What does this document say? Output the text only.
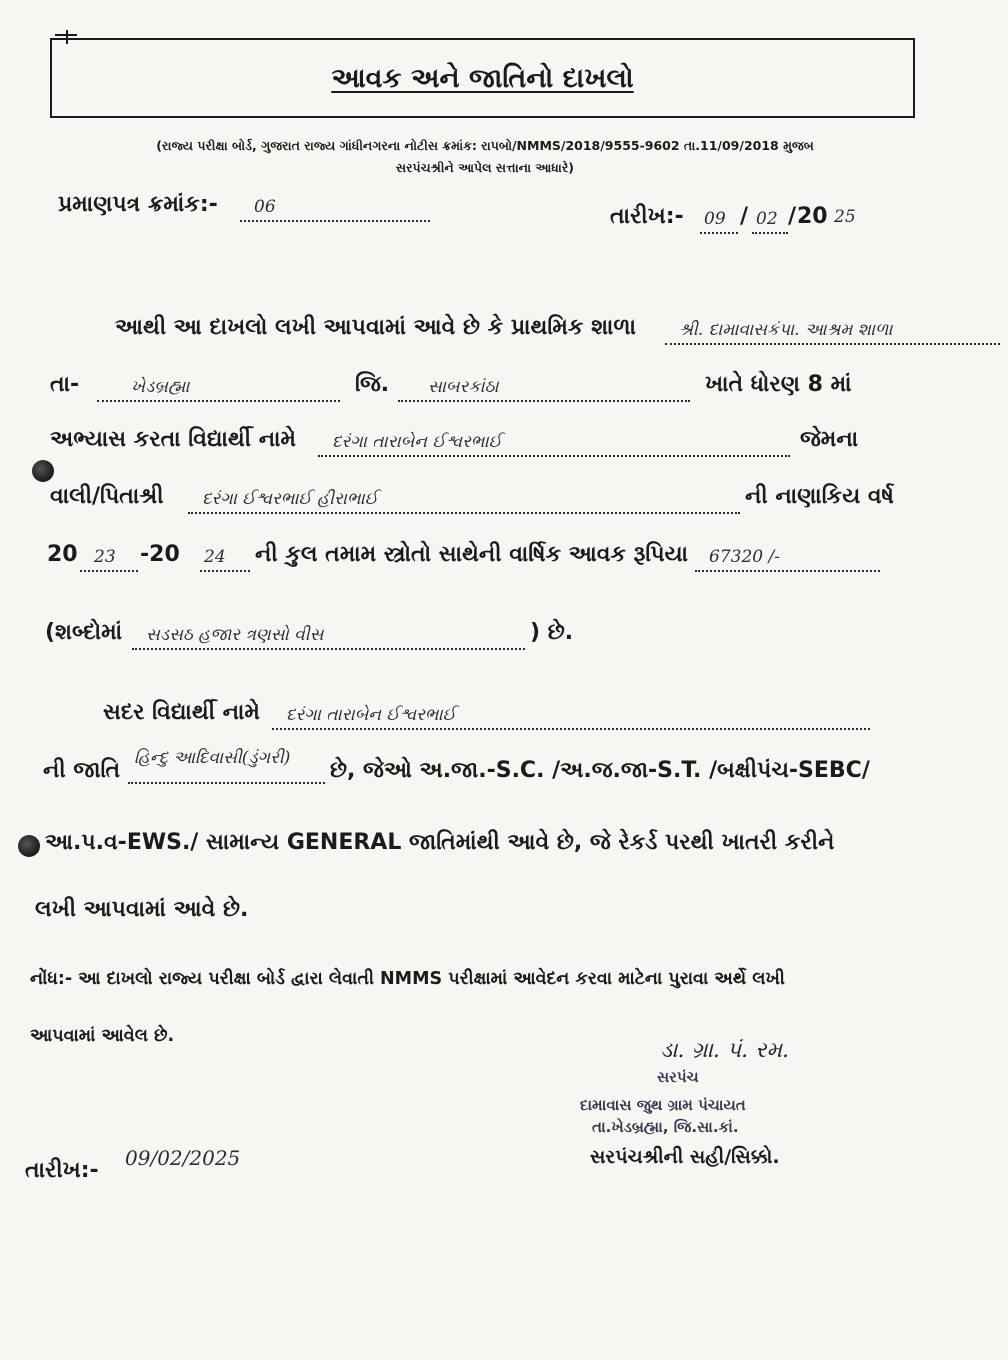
આવક અને જાતિનો દાખલો
(રાજ્ય પરીક્ષા બોર્ડ, ગુજરાત રાજ્ય ગાંધીનગરના નોટીસ ક્રમાંક: રાપબો/NMMS/2018/9555-9602 તા.11/09/2018 મુજબ
સરપંચશ્રીને આપેલ સત્તાના આધારે)
પ્રમાણપત્ર ક્રમાંક:-	06	તારીખ:- 09 / 02 / 20 25
આથી આ દાખલો લખી આપવામાં આવે છે કે પ્રાથમિક શાળા	શ્રી. દામાવાસકંપા. આશ્રમ શાળા
તા-	ખેડબ્રહ્મા	જિ.	સાબરકાંઠા	ખાતે ધોરણ 8 માં
અભ્યાસ કરતા વિદ્યાર્થી નામે	દરંગા તારાબેન ઈશ્વરભાઈ	જેમના
વાલી/પિતાશ્રી	દરંગા ઈશ્વરભાઈ હીરાભાઈ	ની નાણાકિય વર્ષ
20 23	-20 24	ની કુલ તમામ સ્ત્રોતો સાથેની વાર્ષિક આવક રૂપિયા	67320 /-
(શબ્દોમાં	સડસઠ હજાર ત્રણસો વીસ	) છે.
સદર વિદ્યાર્થી નામે	દરંગા તારાબેન ઈશ્વરભાઈ
ની જાતિ હિન્દુ આદિવાસી(ડુંગરી)	છે, જેઓ અ.જા.-S.C. /અ.જ.જા-S.T. /બક્ષીપંચ-SEBC/
આ.પ.વ-EWS./ સામાન્ય GENERAL જાતિમાંથી આવે છે, જે રેકર્ડ પરથી ખાતરી કરીને
લખી આપવામાં આવે છે.
નોંધ:- આ દાખલો રાજ્ય પરીક્ષા બોર્ડ દ્વારા લેવાતી NMMS પરીક્ષામાં આવેદન કરવા માટેના પુરાવા અર્થે લખી
આપવામાં આવેલ છે.
ડા. ગ્રા. પં. રમ.
સરપંચ
દામાવાસ જુથ ગ્રામ પંચાયત
તા.ખેડબ્રહ્મા, જિ.સા.કાં.
સરપંચશ્રીની સહી/સિક્કો.
તારીખ:- 09/02/2025
